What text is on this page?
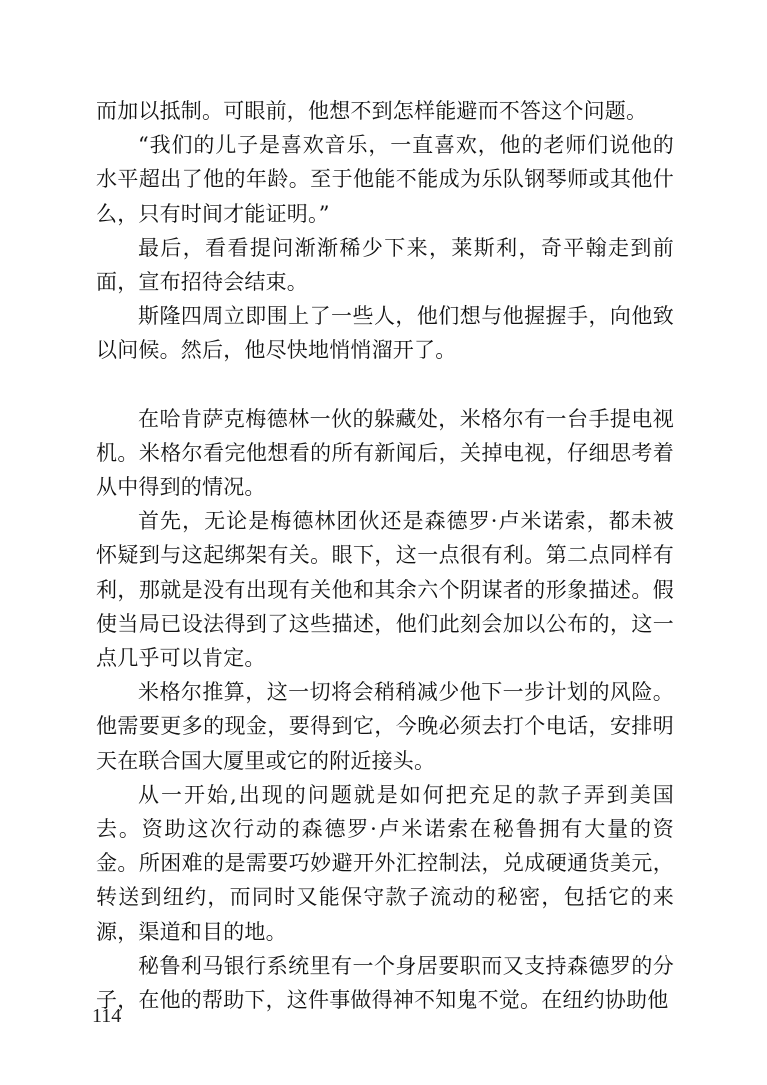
而加以抵制。可眼前，他想不到怎样能避而不答这个问题。

“我们的儿子是喜欢音乐，一直喜欢，他的老师们说他的水平超出了他的年龄。至于他能不能成为乐队钢琴师或其他什么，只有时间才能证明。”

最后，看看提问渐渐稀少下来，莱斯利，奇平翰走到前面，宣布招待会结束。

斯隆四周立即围上了一些人，他们想与他握握手，向他致以问候。然后，他尽快地悄悄溜开了。

在哈肯萨克梅德林一伙的躲藏处，米格尔有一台手提电视机。米格尔看完他想看的所有新闻后，关掉电视，仔细思考着从中得到的情况。

首先，无论是梅德林团伙还是森德罗·卢米诺索，都未被怀疑到与这起绑架有关。眼下，这一点很有利。第二点同样有利，那就是没有出现有关他和其余六个阴谋者的形象描述。假使当局已设法得到了这些描述，他们此刻会加以公布的，这一点几乎可以肯定。

米格尔推算，这一切将会稍稍减少他下一步计划的风险。他需要更多的现金，要得到它，今晚必须去打个电话，安排明天在联合国大厦里或它的附近接头。

从一开始,出现的问题就是如何把充足的款子弄到美国去。资助这次行动的森德罗·卢米诺索在秘鲁拥有大量的资金。所困难的是需要巧妙避开外汇控制法，兑成硬通货美元，转送到纽约，而同时又能保守款子流动的秘密，包括它的来源，渠道和目的地。

秘鲁利马银行系统里有一个身居要职而又支持森德罗的分子，在他的帮助下，这件事做得神不知鬼不觉。在纽约协助他

114
